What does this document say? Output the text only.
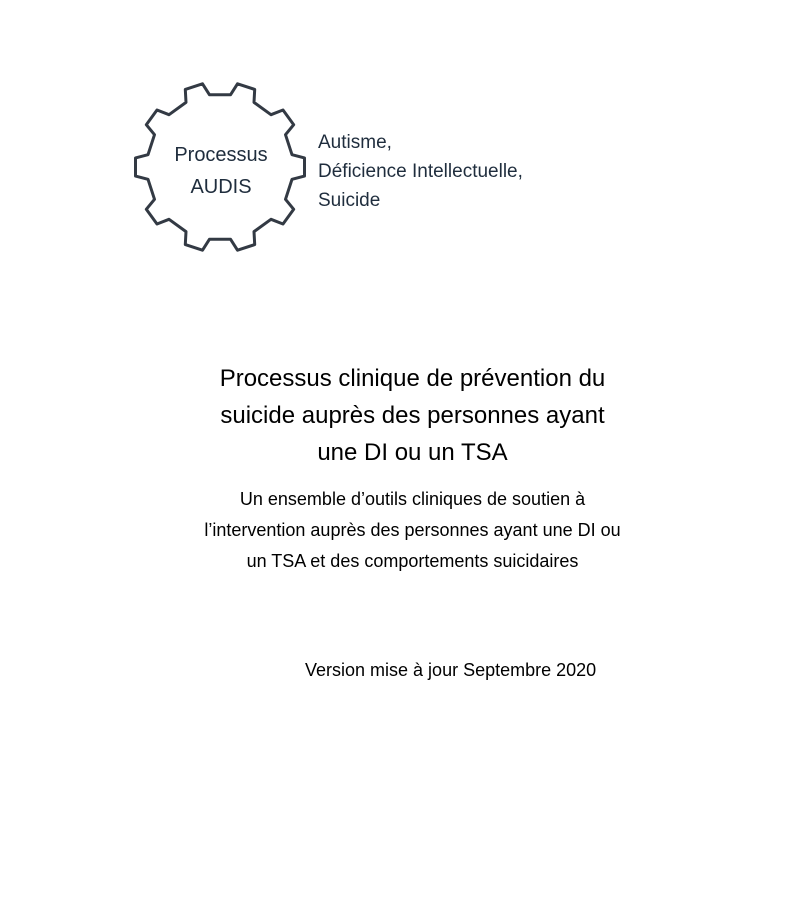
Processus
AUDIS
Autisme,
Déficience Intellectuelle,
Suicide
Processus clinique de prévention du
suicide auprès des personnes ayant
une DI ou un TSA
Un ensemble d’outils cliniques de soutien à
l’intervention auprès des personnes ayant une DI ou
un TSA et des comportements suicidaires
Version mise à jour Septembre 2020
